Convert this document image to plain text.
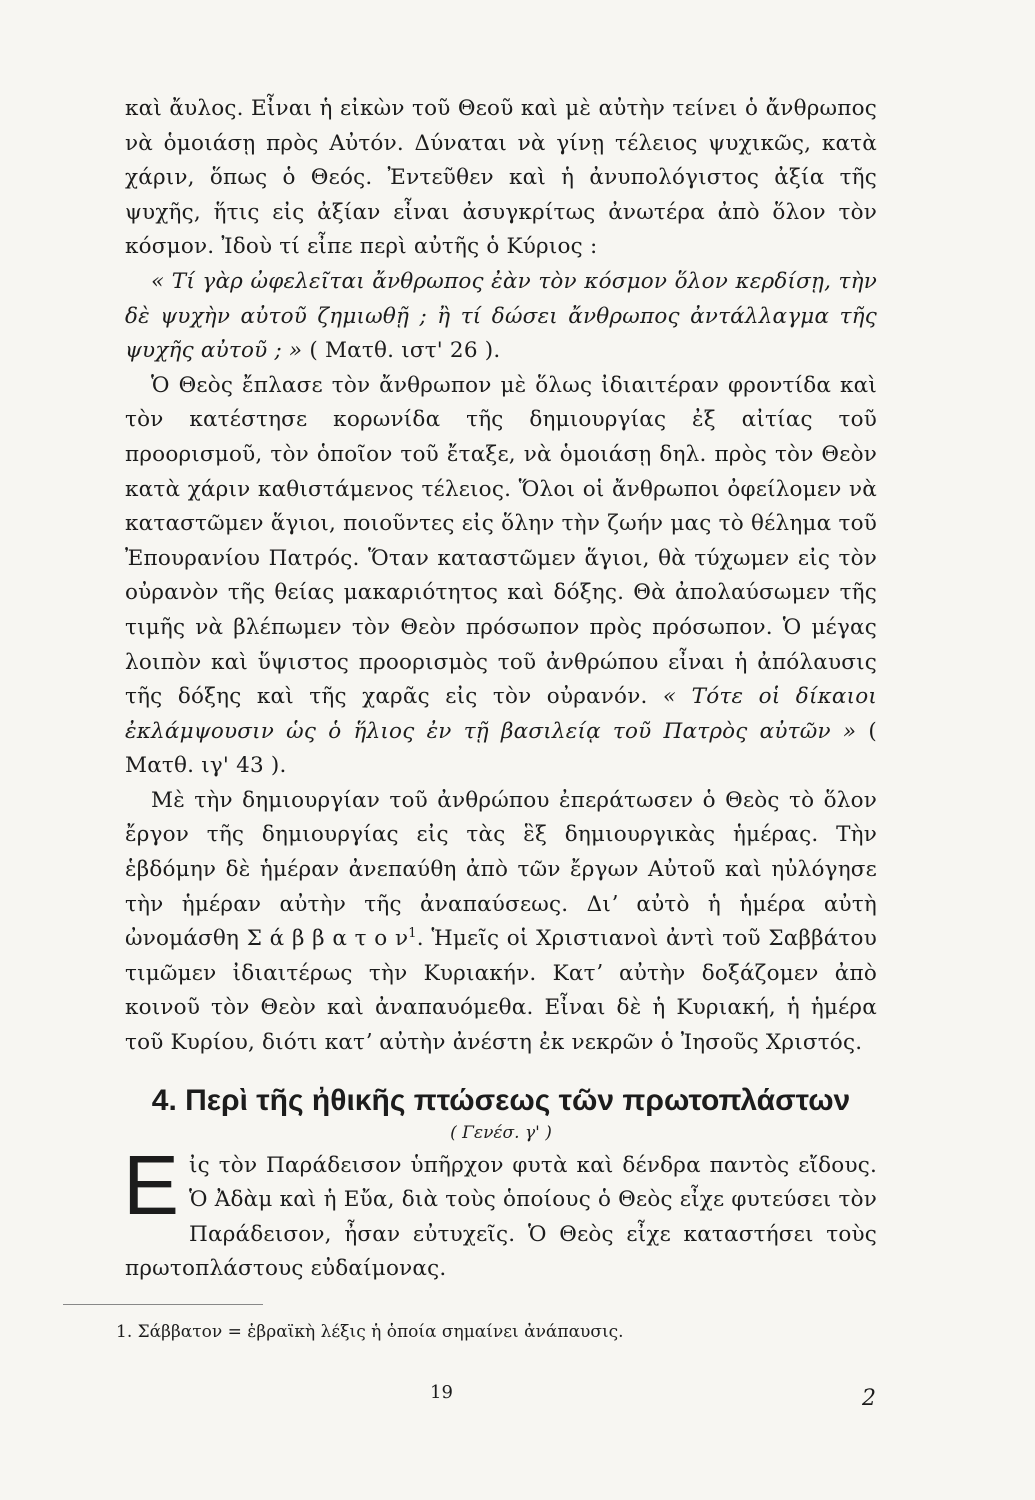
καὶ ἄυλος. Εἶναι ἡ εἰκὼν τοῦ Θεοῦ καὶ μὲ αὐτὴν τείνει ὁ ἄνθρωπος νὰ ὁμοιάσῃ πρὸς Αὐτόν. Δύναται νὰ γίνῃ τέλειος ψυχικῶς, κατὰ χάριν, ὅπως ὁ Θεός. Ἐντεῦθεν καὶ ἡ ἀνυπολόγιστος ἀξία τῆς ψυχῆς, ἥτις εἰς ἀξίαν εἶναι ἀσυγκρίτως ἀνωτέρα ἀπὸ ὅλον τὸν κόσμον. Ἰδοὺ τί εἶπε περὶ αὐτῆς ὁ Κύριος :

« Τί γὰρ ὠφελεῖται ἄνθρωπος ἐὰν τὸν κόσμον ὅλον κερδίσῃ, τὴν δὲ ψυχὴν αὐτοῦ ζημιωθῇ ; ἢ τί δώσει ἄνθρωπος ἀντάλλαγμα τῆς ψυχῆς αὐτοῦ ; » ( Ματθ. ιστ' 26 ).

Ὁ Θεὸς ἔπλασε τὸν ἄνθρωπον μὲ ὅλως ἰδιαιτέραν φροντίδα καὶ τὸν κατέστησε κορωνίδα τῆς δημιουργίας ἐξ αἰτίας τοῦ προορισμοῦ, τὸν ὁποῖον τοῦ ἔταξε, νὰ ὁμοιάσῃ δηλ. πρὸς τὸν Θεὸν κατὰ χάριν καθιστάμενος τέλειος. Ὅλοι οἱ ἄνθρωποι ὀφείλομεν νὰ καταστῶμεν ἅγιοι, ποιοῦντες εἰς ὅλην τὴν ζωήν μας τὸ θέλημα τοῦ Ἐπουρανίου Πατρός. Ὅταν καταστῶμεν ἅγιοι, θὰ τύχωμεν εἰς τὸν οὐρανὸν τῆς θείας μακαριότητος καὶ δόξης. Θὰ ἀπολαύσωμεν τῆς τιμῆς νὰ βλέπωμεν τὸν Θεὸν πρόσωπον πρὸς πρόσωπον. Ὁ μέγας λοιπὸν καὶ ὕψιστος προορισμὸς τοῦ ἀνθρώπου εἶναι ἡ ἀπόλαυσις τῆς δόξης καὶ τῆς χαρᾶς εἰς τὸν οὐρανόν. « Τότε οἱ δίκαιοι ἐκλάμψουσιν ὡς ὁ ἥλιος ἐν τῇ βασιλείᾳ τοῦ Πατρὸς αὐτῶν » ( Ματθ. ιγ' 43 ).

Μὲ τὴν δημιουργίαν τοῦ ἀνθρώπου ἐπεράτωσεν ὁ Θεὸς τὸ ὅλον ἔργον τῆς δημιουργίας εἰς τὰς ἓξ δημιουργικὰς ἡμέρας. Τὴν ἑβδόμην δὲ ἡμέραν ἀνεπαύθη ἀπὸ τῶν ἔργων Αὐτοῦ καὶ ηὐλόγησε τὴν ἡμέραν αὐτὴν τῆς ἀναπαύσεως. Διʼ αὐτὸ ἡ ἡμέρα αὐτὴ ὠνομάσθη Σ ά β β α τ ο $\nu^1$. Ἡμεῖς οἱ Χριστιανοὶ ἀντὶ τοῦ Σαββάτου τιμῶμεν ἰδιαιτέρως τὴν Κυριακήν. Κατʼ αὐτὴν δοξάζομεν ἀπὸ κοινοῦ τὸν Θεὸν καὶ ἀναπαυόμεθα. Εἶναι δὲ ἡ Κυριακή, ἡ ἡμέρα τοῦ Κυρίου, διότι κατʼ αὐτὴν ἀνέστη ἐκ νεκρῶν ὁ Ἰησοῦς Χριστός.

4. Περὶ τῆς ἠθικῆς πτώσεως τῶν πρωτοπλάστων
( Γενέσ. γ' )
Ε ἰς τὸν Παράδεισον ὑπῆρχον φυτὰ καὶ δένδρα παντὸς εἴδους. Ὁ Ἀδὰμ καὶ ἡ Εὔα, διὰ τοὺς ὁποίους ὁ Θεὸς εἶχε φυτεύσει τὸν Παράδεισον, ἦσαν εὐτυχεῖς. Ὁ Θεὸς εἶχε καταστήσει τοὺς πρωτοπλάστους εὐδαίμονας.

1. Σάββατον = ἑβραϊκὴ λέξις ἡ ὁποία σημαίνει ἀνάπαυσις.

19	2
